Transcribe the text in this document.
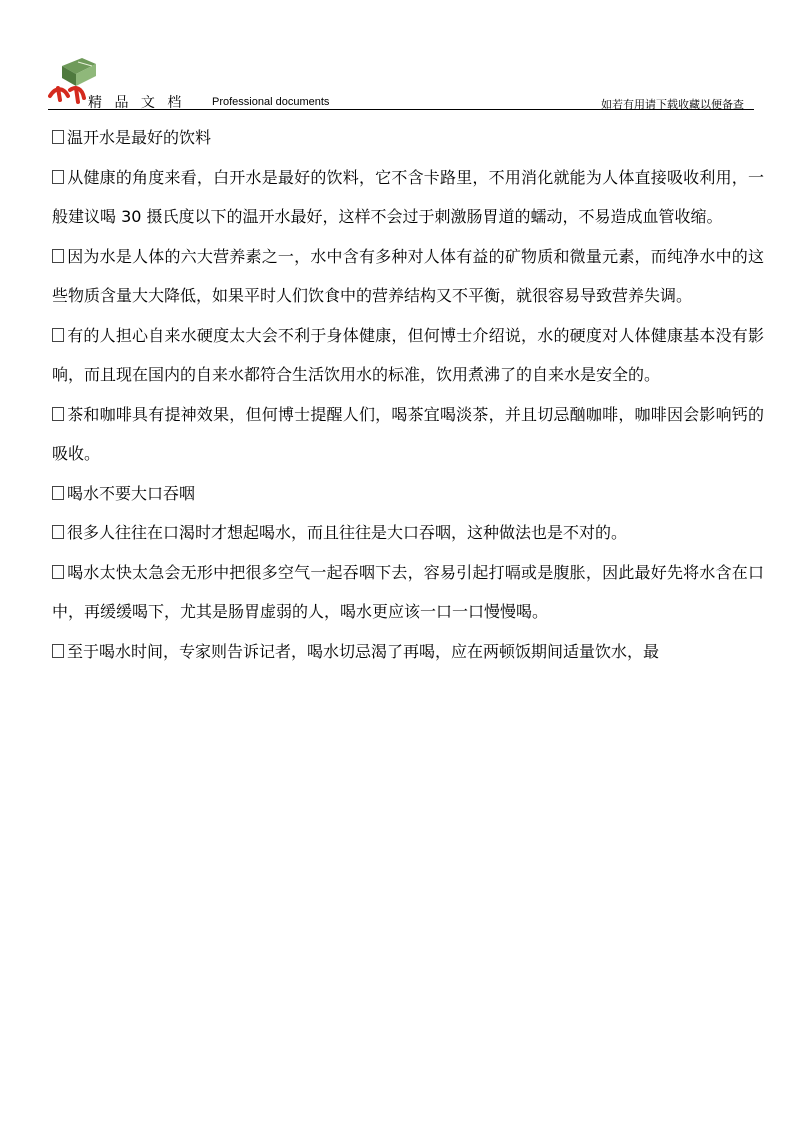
精 品 文 档 Professional documents	如若有用请下载收藏以便备查

温开水是最好的饮料

从健康的角度来看，白开水是最好的饮料，它不含卡路里，不用消化就能为人体直接吸收利用，一般建议喝 30 摄氏度以下的温开水最好，这样不会过于刺激肠胃道的蠕动，不易造成血管收缩。

因为水是人体的六大营养素之一，水中含有多种对人体有益的矿物质和微量元素，而纯净水中的这些物质含量大大降低，如果平时人们饮食中的营养结构又不平衡，就很容易导致营养失调。

有的人担心自来水硬度太大会不利于身体健康，但何博士介绍说，水的硬度对人体健康基本没有影响，而且现在国内的自来水都符合生活饮用水的标准，饮用煮沸了的自来水是安全的。

茶和咖啡具有提神效果，但何博士提醒人们，喝茶宜喝淡茶，并且切忌酗咖啡，咖啡因会影响钙的吸收。

喝水不要大口吞咽

很多人往往在口渴时才想起喝水，而且往往是大口吞咽，这种做法也是不对的。

喝水太快太急会无形中把很多空气一起吞咽下去，容易引起打嗝或是腹胀，因此最好先将水含在口中，再缓缓喝下，尤其是肠胃虚弱的人，喝水更应该一口一口慢慢喝。

至于喝水时间，专家则告诉记者，喝水切忌渴了再喝，应在两顿饭期间适量饮水，最
